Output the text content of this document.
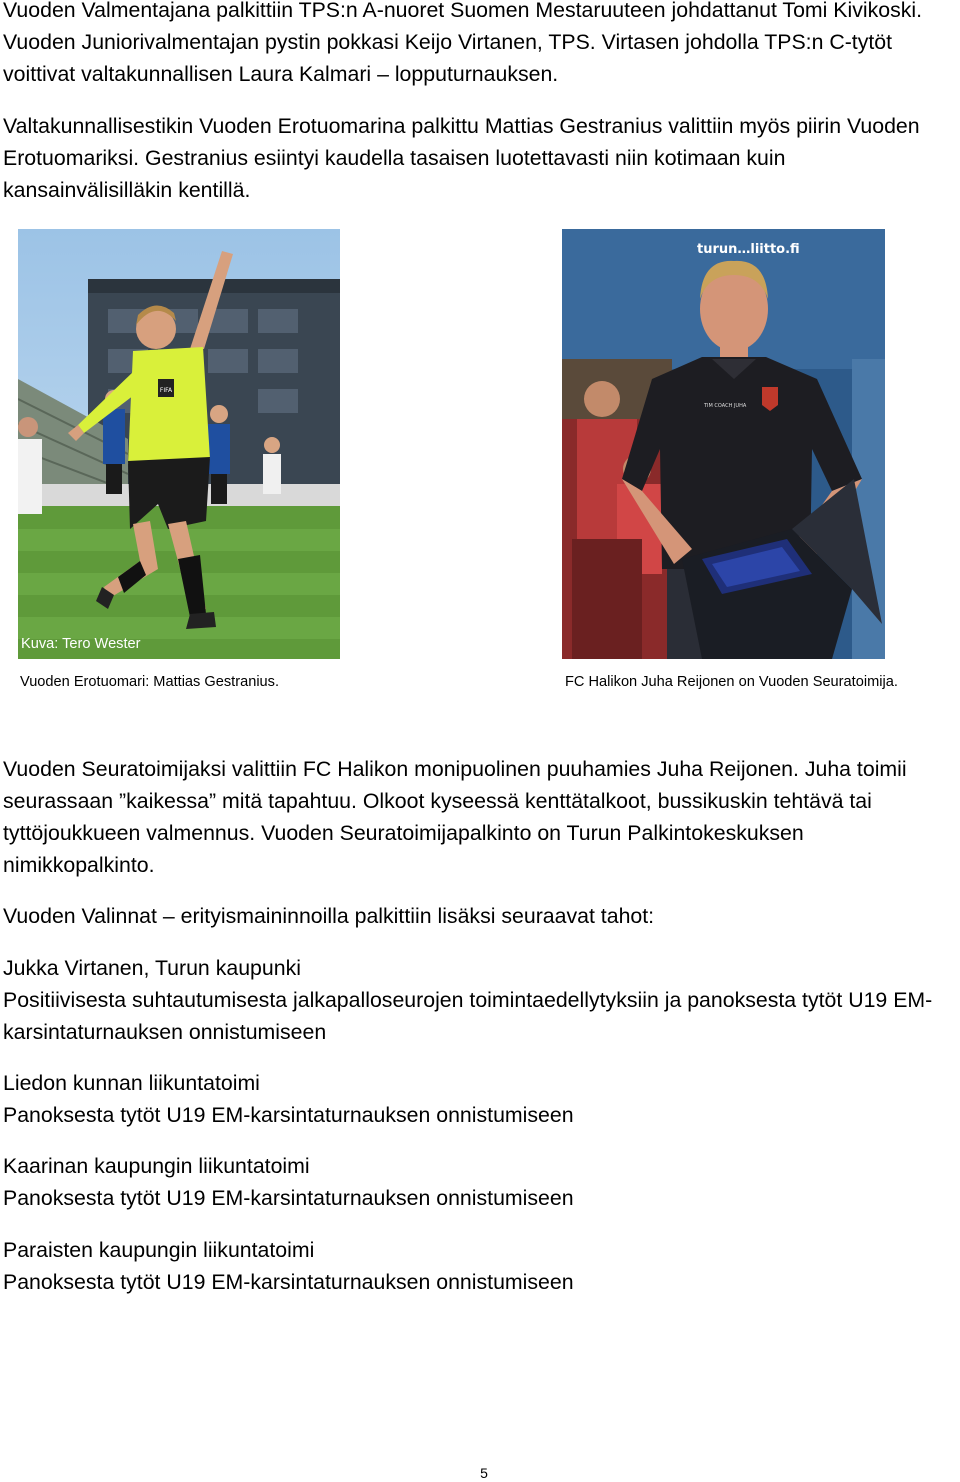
Vuoden Valmentajana palkittiin TPS:n A-nuoret Suomen Mestaruuteen johdattanut Tomi Kivikoski. Vuoden Juniorivalmentajan pystin pokkasi Keijo Virtanen, TPS. Virtasen johdolla TPS:n C-tytöt voittivat valtakunnallisen Laura Kalmari – lopputurnauksen.

Valtakunnallisestikin Vuoden Erotuomarina palkittu Mattias Gestranius valittiin myös piirin Vuoden Erotuomariksi. Gestranius esiintyi kaudella tasaisen luotettavasti niin kotimaan kuin kansainvälisilläkin kentillä.

FIFA
Kuva: Tero Wester
turun…liitto.fi
TIM COACH JUHA
Vuoden Erotuomari: Mattias Gestranius.	FC Halikon Juha Reijonen on Vuoden Seuratoimija.

Vuoden Seuratoimijaksi valittiin FC Halikon monipuolinen puuhamies Juha Reijonen. Juha toimii seurassaan ”kaikessa” mitä tapahtuu. Olkoot kyseessä kenttätalkoot, bussikuskin tehtävä tai tyttöjoukkueen valmennus. Vuoden Seuratoimijapalkinto on Turun Palkintokeskuksen nimikkopalkinto.

Vuoden Valinnat – erityismaininnoilla palkittiin lisäksi seuraavat tahot:

Jukka Virtanen, Turun kaupunki
Positiivisesta suhtautumisesta jalkapalloseurojen toimintaedellytyksiin ja panoksesta tytöt U19 EM-karsintaturnauksen onnistumiseen
Liedon kunnan liikuntatoimi
Panoksesta tytöt U19 EM-karsintaturnauksen onnistumiseen
Kaarinan kaupungin liikuntatoimi
Panoksesta tytöt U19 EM-karsintaturnauksen onnistumiseen
Paraisten kaupungin liikuntatoimi
Panoksesta tytöt U19 EM-karsintaturnauksen onnistumiseen
5
